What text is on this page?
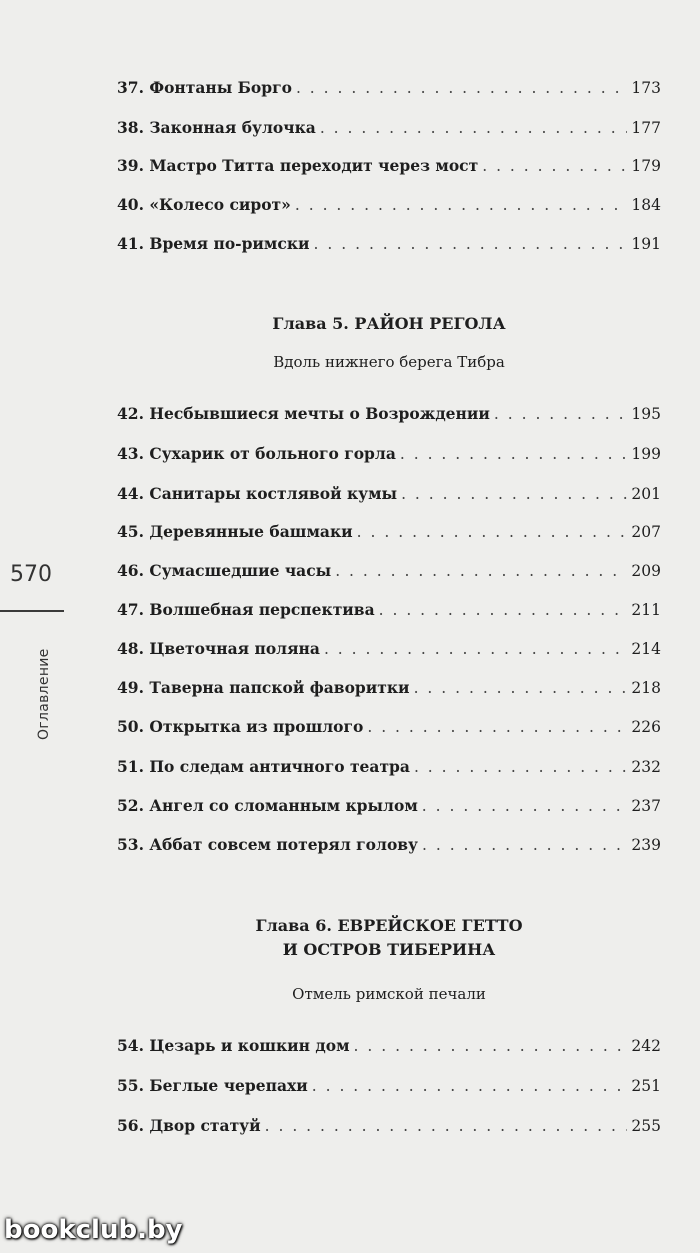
570
Оглавление
37. Фонтаны Борго . . .	173
38. Законная булочка . . .	177
39. Мастро Титта переходит через мост . . .	179
40. «Колесо сирот» . . .	184
41. Время по-римски . . .	191
Глава 5. РАЙОН РЕГОЛА
Вдоль нижнего берега Тибра
42. Несбывшиеся мечты о Возрождении . . .	195
43. Сухарик от больного горла . . .	199
44. Санитары костлявой кумы . . .	201
45. Деревянные башмаки . . .	207
46. Сумасшедшие часы . . .	209
47. Волшебная перспектива . . .	211
48. Цветочная поляна . . .	214
49. Таверна папской фаворитки . . .	218
50. Открытка из прошлого . . .	226
51. По следам античного театра . . .	232
52. Ангел со сломанным крылом . . .	237
53. Аббат совсем потерял голову . . .	239
Глава 6. ЕВРЕЙСКОЕ ГЕТТО
И ОСТРОВ ТИБЕРИНА
Отмель римской печали
54. Цезарь и кошкин дом . . .	242
55. Беглые черепахи . . .	251
56. Двор статуй . . .	255
bookclub.by
